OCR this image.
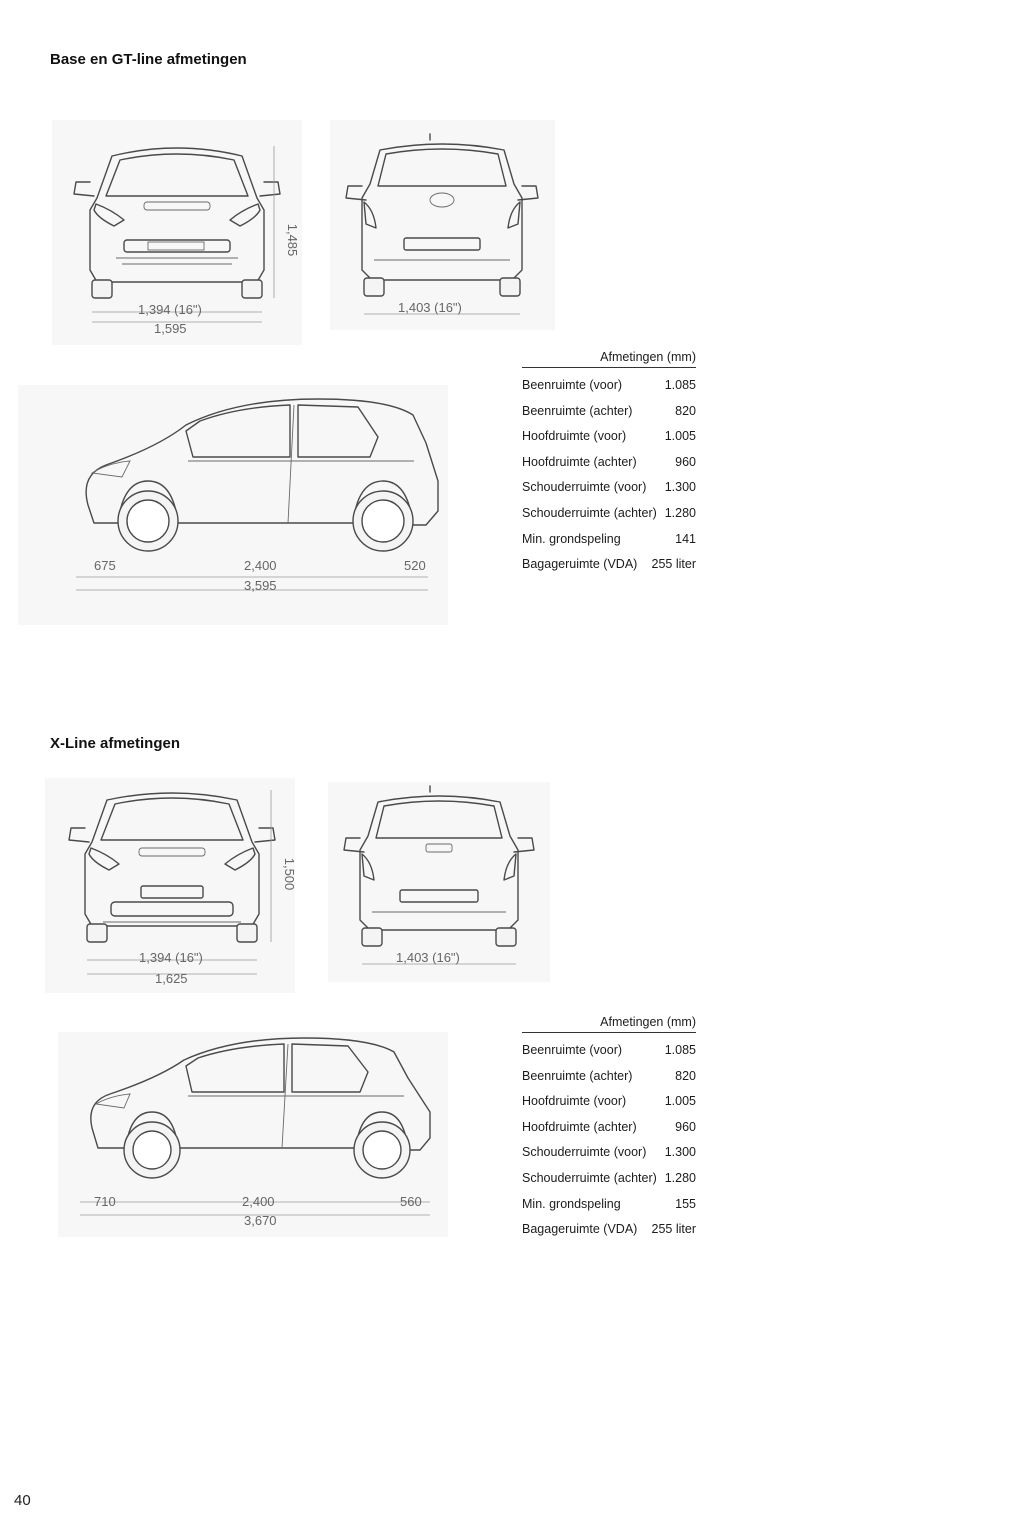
Base en GT-line afmetingen
1,394 (16")
1,595
1,485
1,403 (16")
675	2,400	520
3,595
Afmetingen (mm)
Beenruimte (voor)	1.085
Beenruimte (achter)	820
Hoofdruimte (voor)	1.005
Hoofdruimte (achter)	960
Schouderruimte (voor) 1.300
Schouderruimte (achter) 1.280
Min. grondspeling	141
Bagageruimte (VDA) 255 liter
X-Line afmetingen
1,394 (16")
1,625
1,500
1,403 (16")
710	2,400	560
3,670
Afmetingen (mm)
Beenruimte (voor)	1.085
Beenruimte (achter)	820
Hoofdruimte (voor)	1.005
Hoofdruimte (achter)	960
Schouderruimte (voor) 1.300
Schouderruimte (achter) 1.280
Min. grondspeling	155
Bagageruimte (VDA) 255 liter
40
